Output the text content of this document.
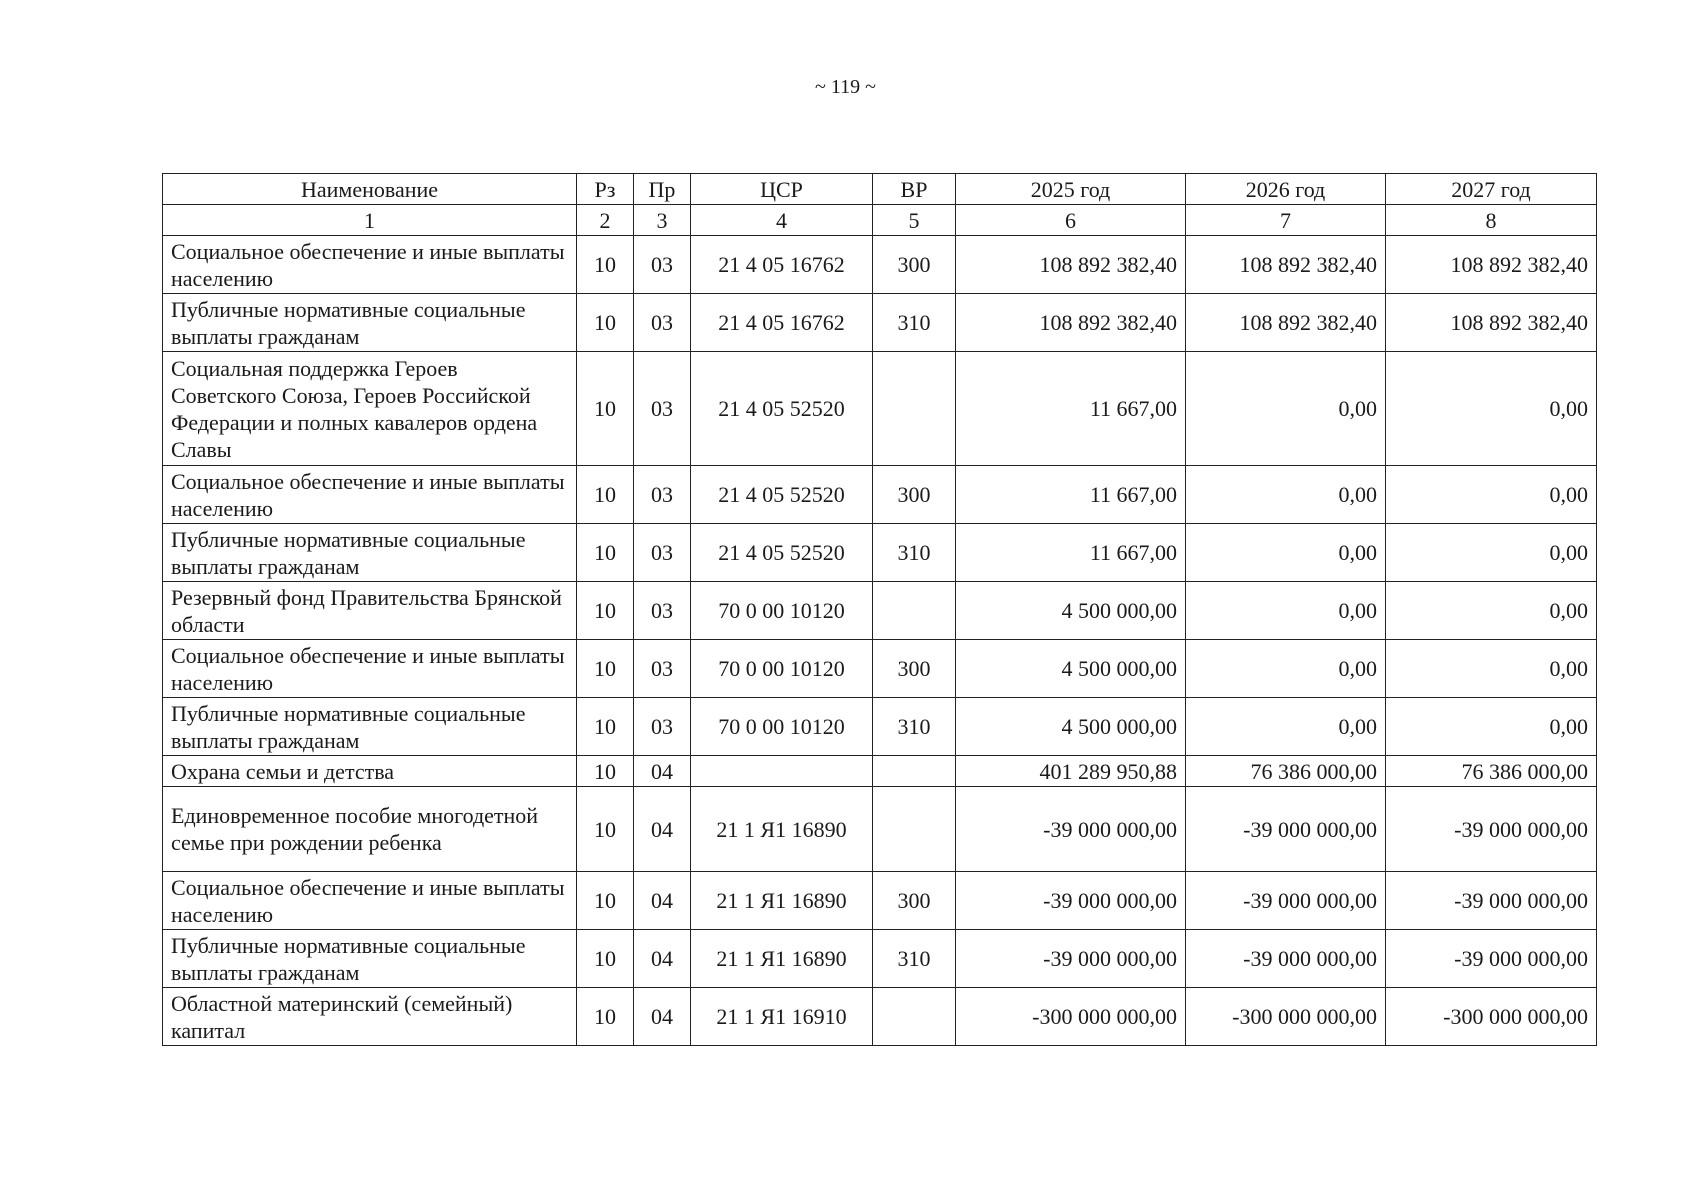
~ 119 ~
Наименование	Рз	Пр	ЦСР	ВР	2025 год	2026 год	2027 год
1	2	3	4	5	6	7	8
Социальное обеспечение и иные выплаты населению	10	03	21 4 05 16762	300	108 892 382,40	108 892 382,40	108 892 382,40
Публичные нормативные социальные выплаты гражданам	10	03	21 4 05 16762	310	108 892 382,40	108 892 382,40	108 892 382,40
Социальная поддержка Героев Советского Союза, Героев Российской Федерации и полных кавалеров ордена Славы	10	03	21 4 05 52520		11 667,00	0,00	0,00
Социальное обеспечение и иные выплаты населению	10	03	21 4 05 52520	300	11 667,00	0,00	0,00
Публичные нормативные социальные выплаты гражданам	10	03	21 4 05 52520	310	11 667,00	0,00	0,00
Резервный фонд Правительства Брянской области	10	03	70 0 00 10120		4 500 000,00	0,00	0,00
Социальное обеспечение и иные выплаты населению	10	03	70 0 00 10120	300	4 500 000,00	0,00	0,00
Публичные нормативные социальные выплаты гражданам	10	03	70 0 00 10120	310	4 500 000,00	0,00	0,00
Охрана семьи и детства	10	04			401 289 950,88	76 386 000,00	76 386 000,00
Единовременное пособие многодетной семье при рождении ребенка	10	04	21 1 Я1 16890		-39 000 000,00	-39 000 000,00	-39 000 000,00
Социальное обеспечение и иные выплаты населению	10	04	21 1 Я1 16890	300	-39 000 000,00	-39 000 000,00	-39 000 000,00
Публичные нормативные социальные выплаты гражданам	10	04	21 1 Я1 16890	310	-39 000 000,00	-39 000 000,00	-39 000 000,00
Областной материнский (семейный) капитал	10	04	21 1 Я1 16910		-300 000 000,00	-300 000 000,00	-300 000 000,00
